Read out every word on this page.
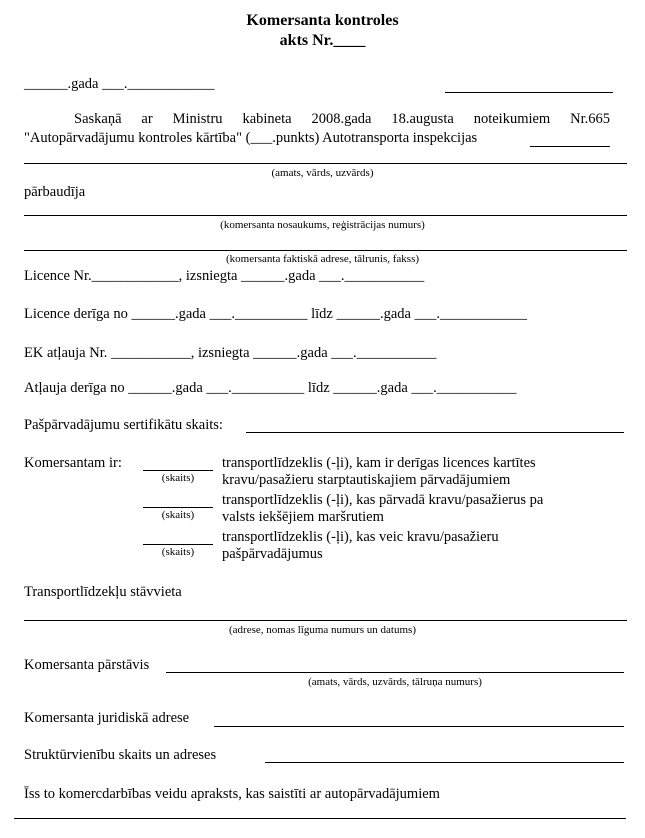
Komersanta kontroles
akts Nr.____
______.gada ___.____________
Saskaņā ar Ministru kabineta 2008.gada 18.augusta noteikumiem Nr.665
"Autopārvadājumu kontroles kārtība" (___.punkts) Autotransporta inspekcijas
(amats, vārds, uzvārds)
pārbaudīja
(komersanta nosaukums, reģistrācijas numurs)
(komersanta faktiskā adrese, tālrunis, fakss)
Licence Nr.____________, izsniegta ______.gada ___.___________
Licence derīga no ______.gada ___.__________ līdz ______.gada ___.____________
EK atļauja Nr. ___________, izsniegta ______.gada ___.___________
Atļauja derīga no ______.gada ___.__________ līdz ______.gada ___.___________
Pašpārvadājumu sertifikātu skaits:
Komersantam ir:
(skaits)
transportlīdzeklis (-ļi), kam ir derīgas licences kartītes
kravu/pasažieru starptautiskajiem pārvadājumiem
(skaits)
transportlīdzeklis (-ļi), kas pārvadā kravu/pasažierus pa
valsts iekšējiem maršrutiem
(skaits)
transportlīdzeklis (-ļi), kas veic kravu/pasažieru
pašpārvadājumus
Transportlīdzekļu stāvvieta
(adrese, nomas līguma numurs un datums)
Komersanta pārstāvis
(amats, vārds, uzvārds, tālruņa numurs)
Komersanta juridiskā adrese
Struktūrvienību skaits un adreses
Īss to komercdarbības veidu apraksts, kas saistīti ar autopārvadājumiem
